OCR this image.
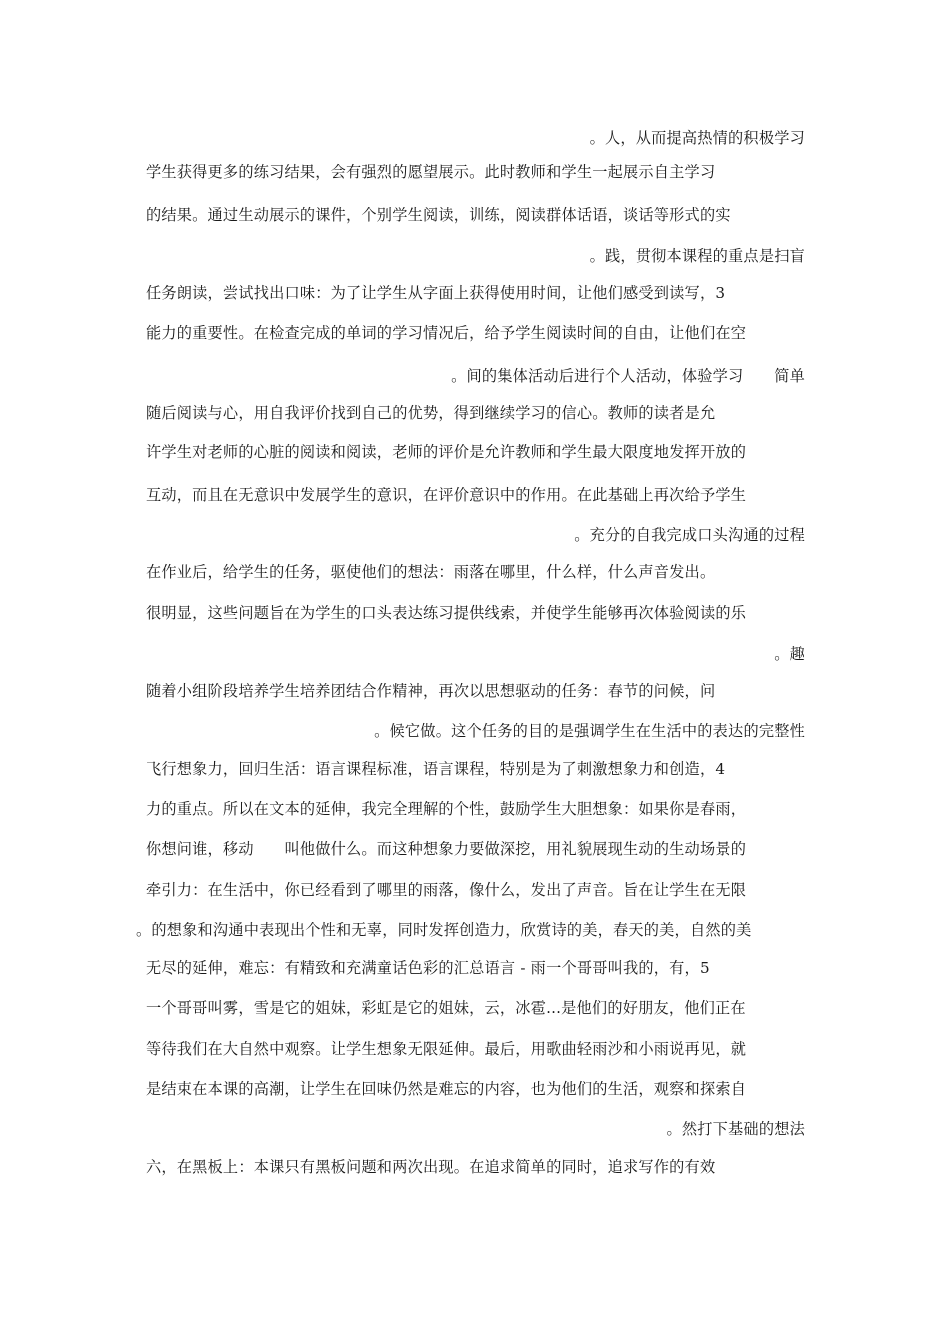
。人，从而提高热情的积极学习
学生获得更多的练习结果，会有强烈的愿望展示。此时教师和学生一起展示自主学习
的结果。通过生动展示的课件，个别学生阅读，训练，阅读群体话语，谈话等形式的实
。践，贯彻本课程的重点是扫盲
任务朗读，尝试找出口味：为了让学生从字面上获得使用时间，让他们感受到读写，3
能力的重要性。在检查完成的单词的学习情况后，给予学生阅读时间的自由，让他们在空
。间的集体活动后进行个人活动，体验学习　　简单
随后阅读与心，用自我评价找到自己的优势，得到继续学习的信心。教师的读者是允
许学生对老师的心脏的阅读和阅读，老师的评价是允许教师和学生最大限度地发挥开放的
互动，而且在无意识中发展学生的意识，在评价意识中的作用。在此基础上再次给予学生
。充分的自我完成口头沟通的过程
在作业后，给学生的任务，驱使他们的想法：雨落在哪里，什么样，什么声音发出。
很明显，这些问题旨在为学生的口头表达练习提供线索，并使学生能够再次体验阅读的乐
。趣
随着小组阶段培养学生培养团结合作精神，再次以思想驱动的任务：春节的问候，问
。候它做。这个任务的目的是强调学生在生活中的表达的完整性
飞行想象力，回归生活：语言课程标准，语言课程，特别是为了刺激想象力和创造，4
力的重点。所以在文本的延伸，我完全理解的个性，鼓励学生大胆想象：如果你是春雨，
你想问谁，移动　　叫他做什么。而这种想象力要做深挖，用礼貌展现生动的生动场景的
牵引力：在生活中，你已经看到了哪里的雨落，像什么，发出了声音。旨在让学生在无限
。的想象和沟通中表现出个性和无辜，同时发挥创造力，欣赏诗的美，春天的美，自然的美
无尽的延伸，难忘：有精致和充满童话色彩的汇总语言 - 雨一个哥哥叫我的，有，5
一个哥哥叫雾，雪是它的姐妹，彩虹是它的姐妹，云，冰雹...是他们的好朋友，他们正在
等待我们在大自然中观察。让学生想象无限延伸。最后，用歌曲轻雨沙和小雨说再见，就
是结束在本课的高潮，让学生在回味仍然是难忘的内容，也为他们的生活，观察和探索自
。然打下基础的想法
六，在黑板上：本课只有黑板问题和两次出现。在追求简单的同时，追求写作的有效
